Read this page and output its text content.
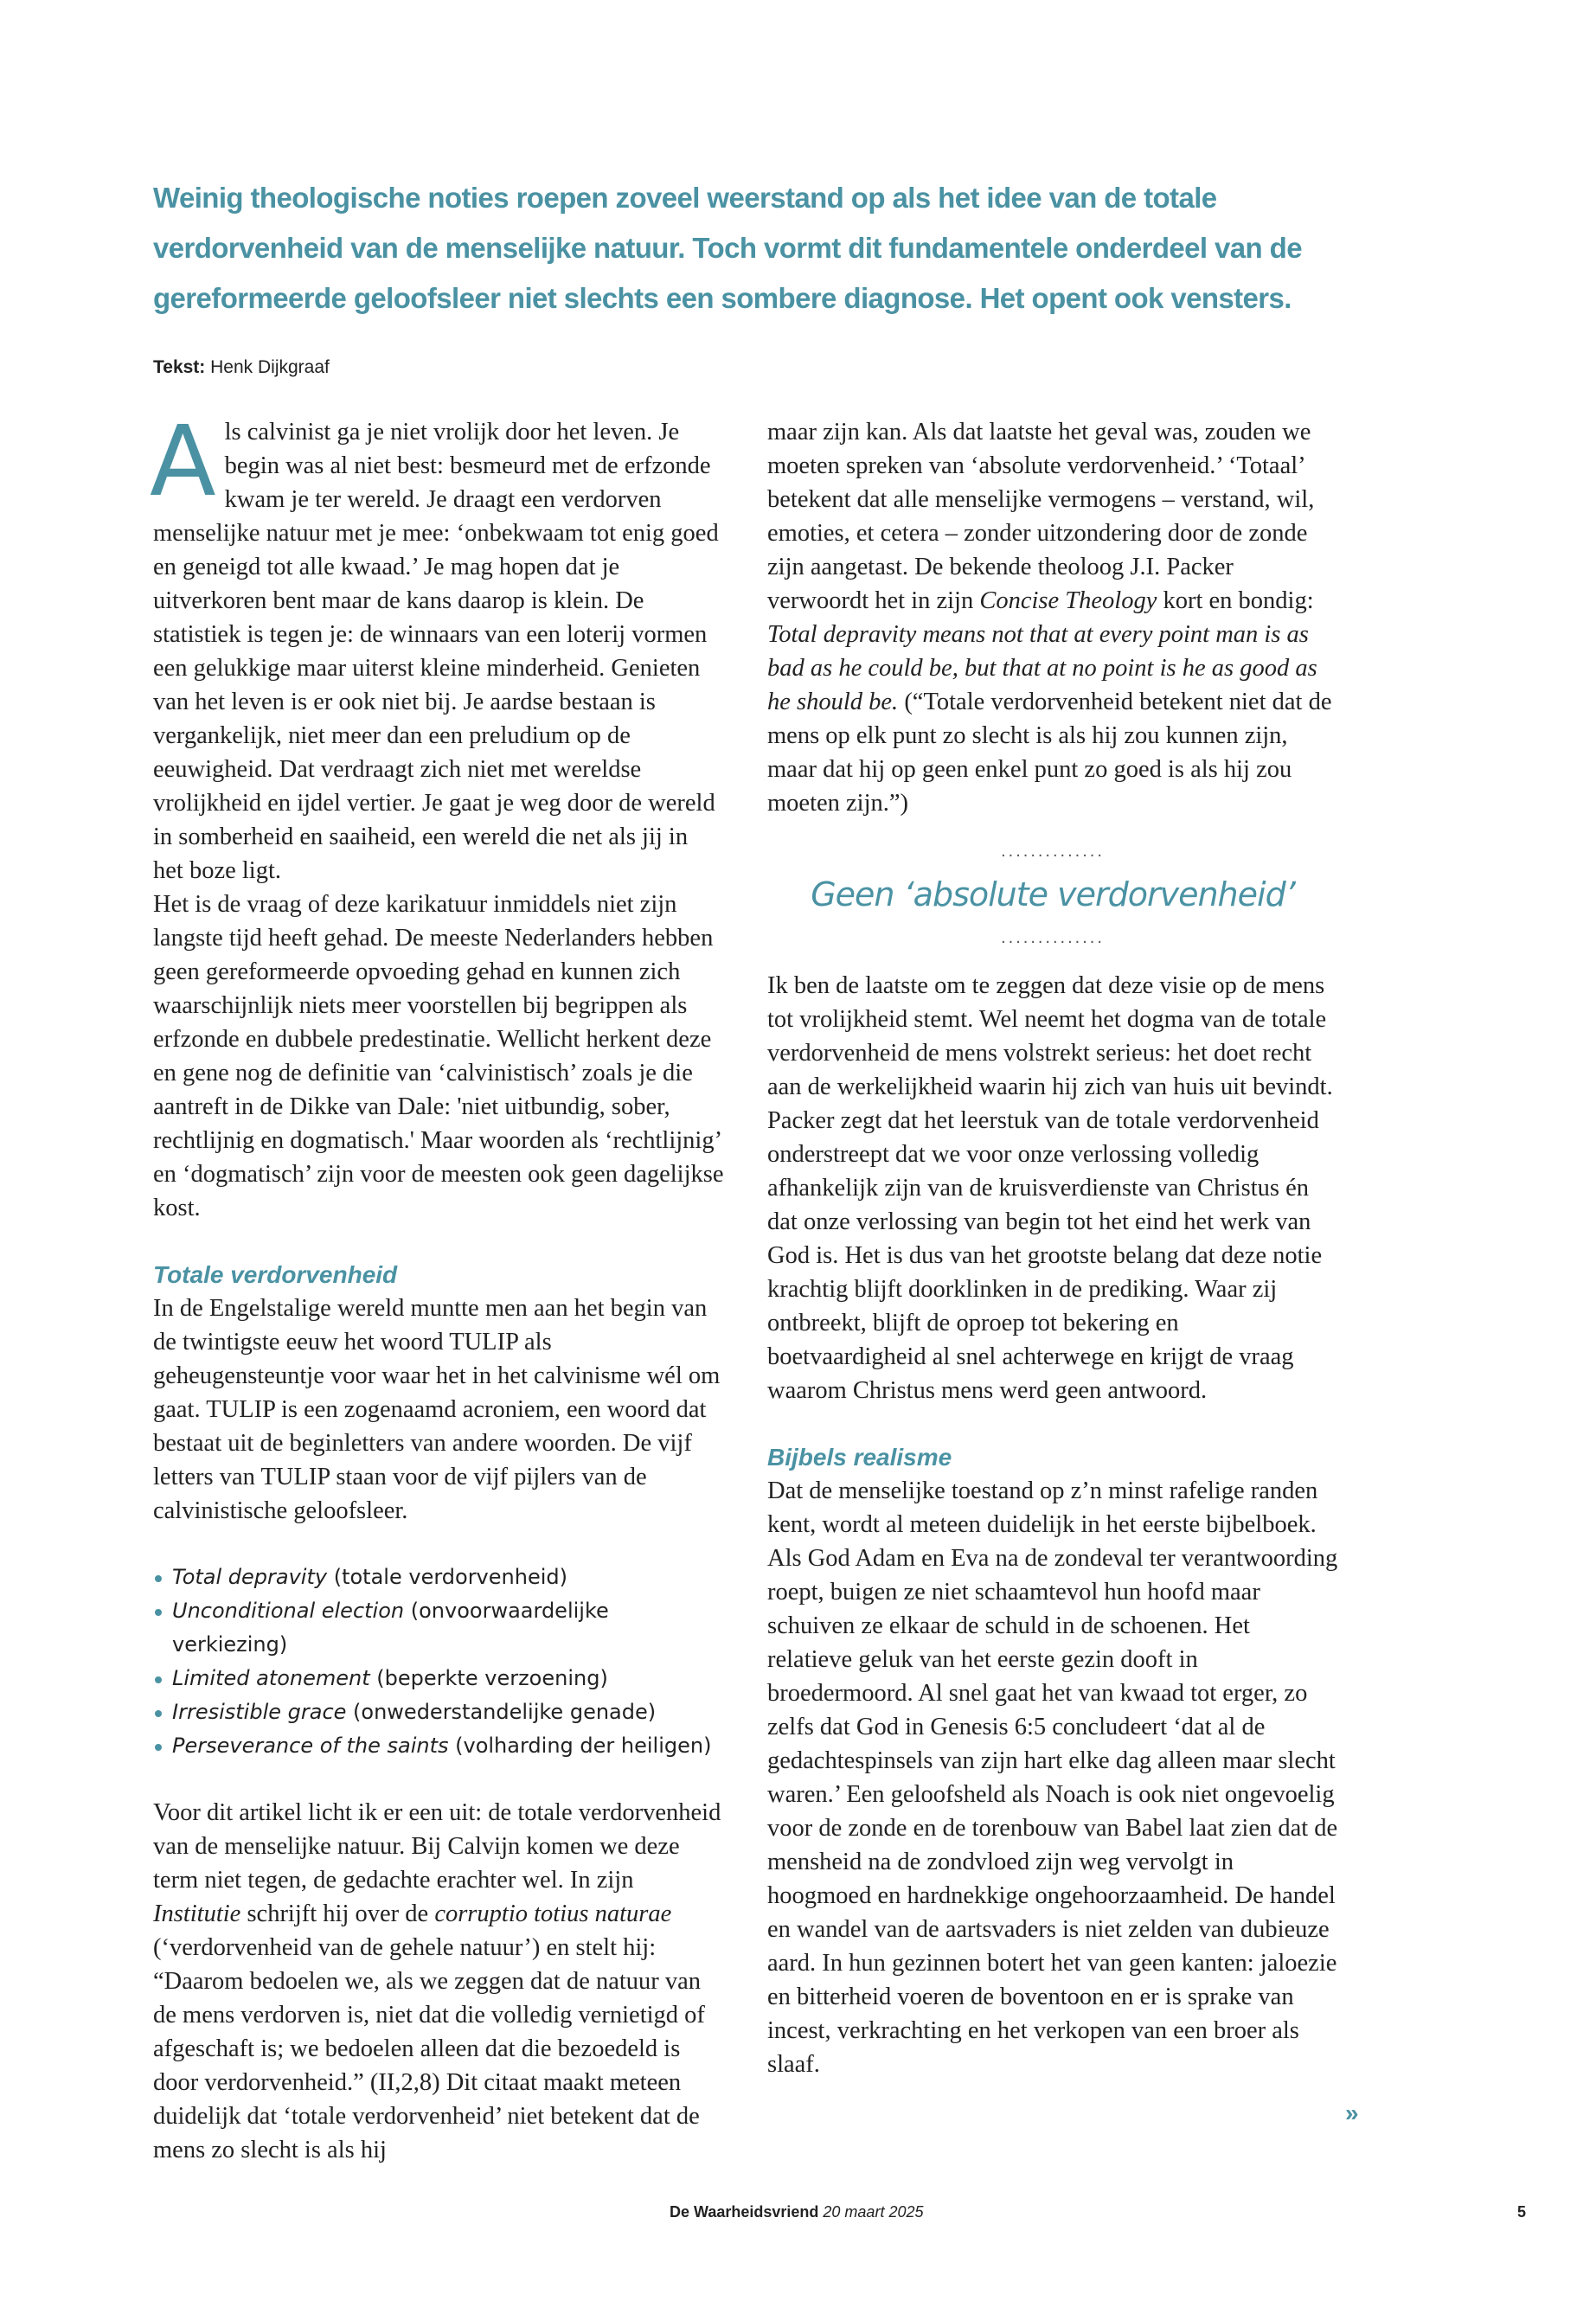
Weinig theologische noties roepen zoveel weerstand op als het idee van de totale verdorvenheid van de menselijke natuur. Toch vormt dit fundamentele onderdeel van de gereformeerde geloofsleer niet slechts een sombere diagnose. Het opent ook vensters.
Tekst: Henk Dijkgraaf

A ls calvinist ga je niet vrolijk door het leven. Je begin was al niet best: besmeurd met de erfzonde kwam je ter wereld. Je draagt een verdorven menselijke natuur met je mee: ‘onbekwaam tot enig goed en geneigd tot alle kwaad.’ Je mag hopen dat je uitverkoren bent maar de kans daarop is klein. De statistiek is tegen je: de winnaars van een loterij vormen een gelukkige maar uiterst kleine minderheid. Genieten van het leven is er ook niet bij. Je aardse bestaan is vergankelijk, niet meer dan een preludium op de eeuwigheid. Dat verdraagt zich niet met wereldse vrolijkheid en ijdel vertier. Je gaat je weg door de wereld in somberheid en saaiheid, een wereld die net als jij in het boze ligt.

Het is de vraag of deze karikatuur inmiddels niet zijn langste tijd heeft gehad. De meeste Nederlanders hebben geen gereformeerde opvoeding gehad en kunnen zich waarschijnlijk niets meer voorstellen bij begrippen als erfzonde en dubbele predestinatie. Wellicht herkent deze en gene nog de definitie van ‘calvinistisch’ zoals je die aantreft in de Dikke van Dale: 'niet uitbundig, sober, rechtlijnig en dogmatisch.' Maar woorden als ‘rechtlijnig’ en ‘dogmatisch’ zijn voor de meesten ook geen dagelijkse kost.

Totale verdorvenheid

In de Engelstalige wereld muntte men aan het begin van de twintigste eeuw het woord TULIP als geheugensteuntje voor waar het in het calvinisme wél om gaat. TULIP is een zogenaamd acroniem, een woord dat bestaat uit de beginletters van andere woorden. De vijf letters van TULIP staan voor de vijf pijlers van de calvinistische geloofsleer.

Total depravity (totale verdorvenheid)
Unconditional election (onvoorwaardelijke verkiezing)
Limited atonement (beperkte verzoening)
Irresistible grace (onwederstandelijke genade)
Perseverance of the saints (volharding der heiligen)

Voor dit artikel licht ik er een uit: de totale verdorvenheid van de menselijke natuur. Bij Calvijn komen we deze term niet tegen, de gedachte erachter wel. In zijn Institutie schrijft hij over de corruptio totius naturae (‘verdorvenheid van de gehele natuur’) en stelt hij: “Daarom bedoelen we, als we zeggen dat de natuur van de mens verdorven is, niet dat die volledig vernietigd of afgeschaft is; we bedoelen alleen dat die bezoedeld is door verdorvenheid.” (II,2,8) Dit citaat maakt meteen duidelijk dat ‘totale verdorvenheid’ niet betekent dat de mens zo slecht is als hij

maar zijn kan. Als dat laatste het geval was, zouden we moeten spreken van ‘absolute verdorvenheid.’ ‘Totaal’ betekent dat alle menselijke vermogens – verstand, wil, emoties, et cetera – zonder uitzondering door de zonde zijn aangetast. De bekende theoloog J.I. Packer verwoordt het in zijn Concise Theology kort en bondig: Total depravity means not that at every point man is as bad as he could be, but that at no point is he as good as he should be. (“Totale verdorvenheid betekent niet dat de mens op elk punt zo slecht is als hij zou kunnen zijn, maar dat hij op geen enkel punt zo goed is als hij zou moeten zijn.”)

..............
Geen ‘absolute verdorvenheid’
..............

Ik ben de laatste om te zeggen dat deze visie op de mens tot vrolijkheid stemt. Wel neemt het dogma van de totale verdorvenheid de mens volstrekt serieus: het doet recht aan de werkelijkheid waarin hij zich van huis uit bevindt. Packer zegt dat het leerstuk van de totale verdorvenheid onderstreept dat we voor onze verlossing volledig afhankelijk zijn van de kruisverdienste van Christus én dat onze verlossing van begin tot het eind het werk van God is. Het is dus van het grootste belang dat deze notie krachtig blijft doorklinken in de prediking. Waar zij ontbreekt, blijft de oproep tot bekering en boetvaardigheid al snel achterwege en krijgt de vraag waarom Christus mens werd geen antwoord.

Bijbels realisme

Dat de menselijke toestand op z’n minst rafelige randen kent, wordt al meteen duidelijk in het eerste bijbelboek. Als God Adam en Eva na de zondeval ter verantwoording roept, buigen ze niet schaamtevol hun hoofd maar schuiven ze elkaar de schuld in de schoenen. Het relatieve geluk van het eerste gezin dooft in broedermoord. Al snel gaat het van kwaad tot erger, zo zelfs dat God in Genesis 6:5 concludeert ‘dat al de gedachtespinsels van zijn hart elke dag alleen maar slecht waren.’ Een geloofsheld als Noach is ook niet ongevoelig voor de zonde en de torenbouw van Babel laat zien dat de mensheid na de zondvloed zijn weg vervolgt in hoogmoed en hardnekkige ongehoorzaamheid. De handel en wandel van de aartsvaders is niet zelden van dubieuze aard. In hun gezinnen botert het van geen kanten: jaloezie en bitterheid voeren de boventoon en er is sprake van incest, verkrachting en het verkopen van een broer als slaaf.

»
De Waarheidsvriend 20 maart 2025	5
